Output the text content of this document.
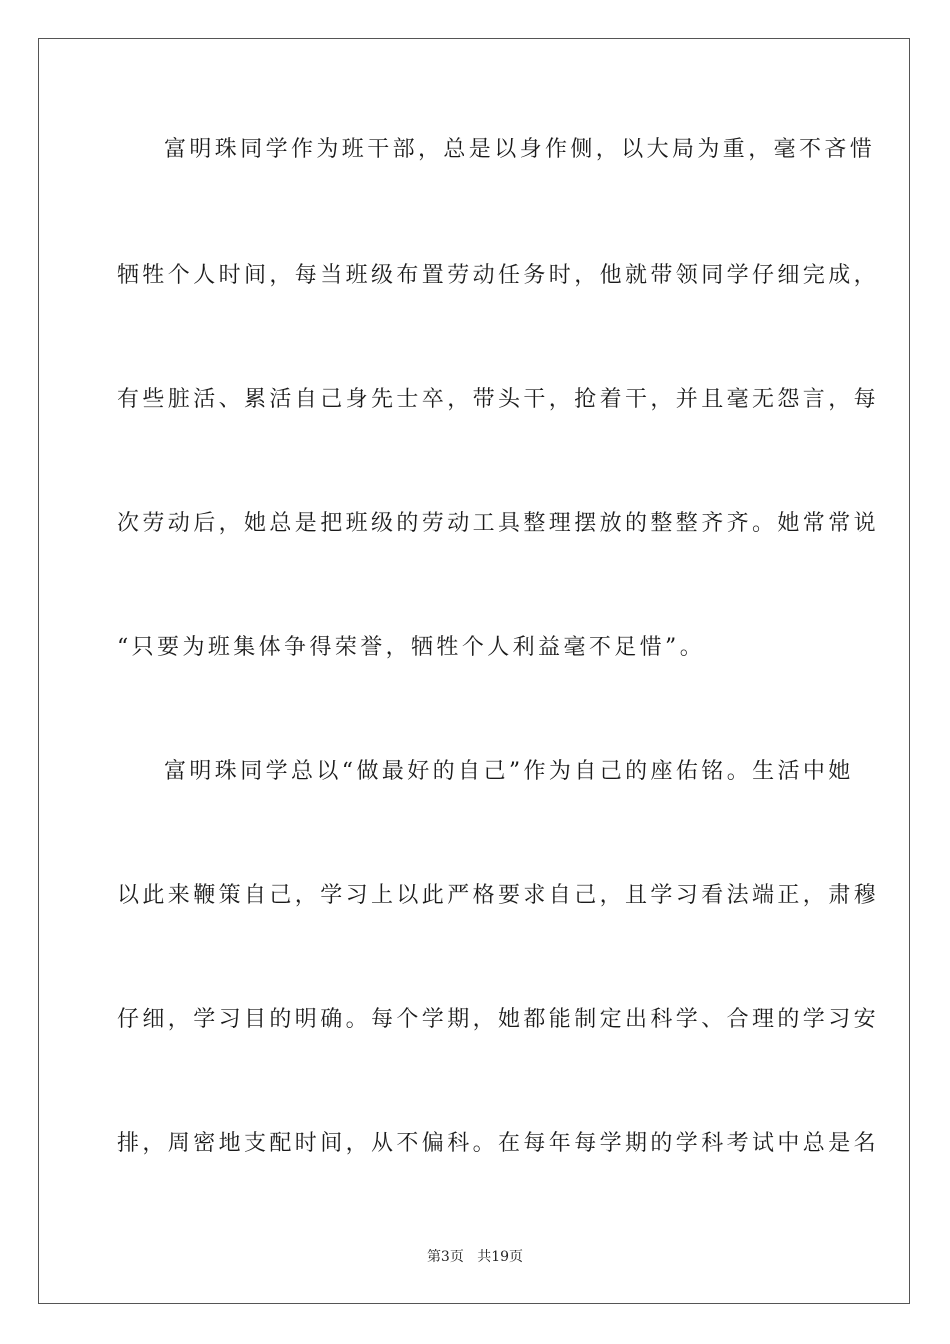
富明珠同学作为班干部，总是以身作侧，以大局为重，毫不吝惜
牺牲个人时间，每当班级布置劳动任务时，他就带领同学仔细完成，
有些脏活、累活自己身先士卒，带头干，抢着干，并且毫无怨言，每
次劳动后，她总是把班级的劳动工具整理摆放的整整齐齐。她常常说
“只要为班集体争得荣誉，牺牲个人利益毫不足惜”。
富明珠同学总以“做最好的自己”作为自己的座佑铭。生活中她
以此来鞭策自己，学习上以此严格要求自己，且学习看法端正，肃穆
仔细，学习目的明确。每个学期，她都能制定出科学、合理的学习安
排，周密地支配时间，从不偏科。在每年每学期的学科考试中总是名
第3页 共19页
